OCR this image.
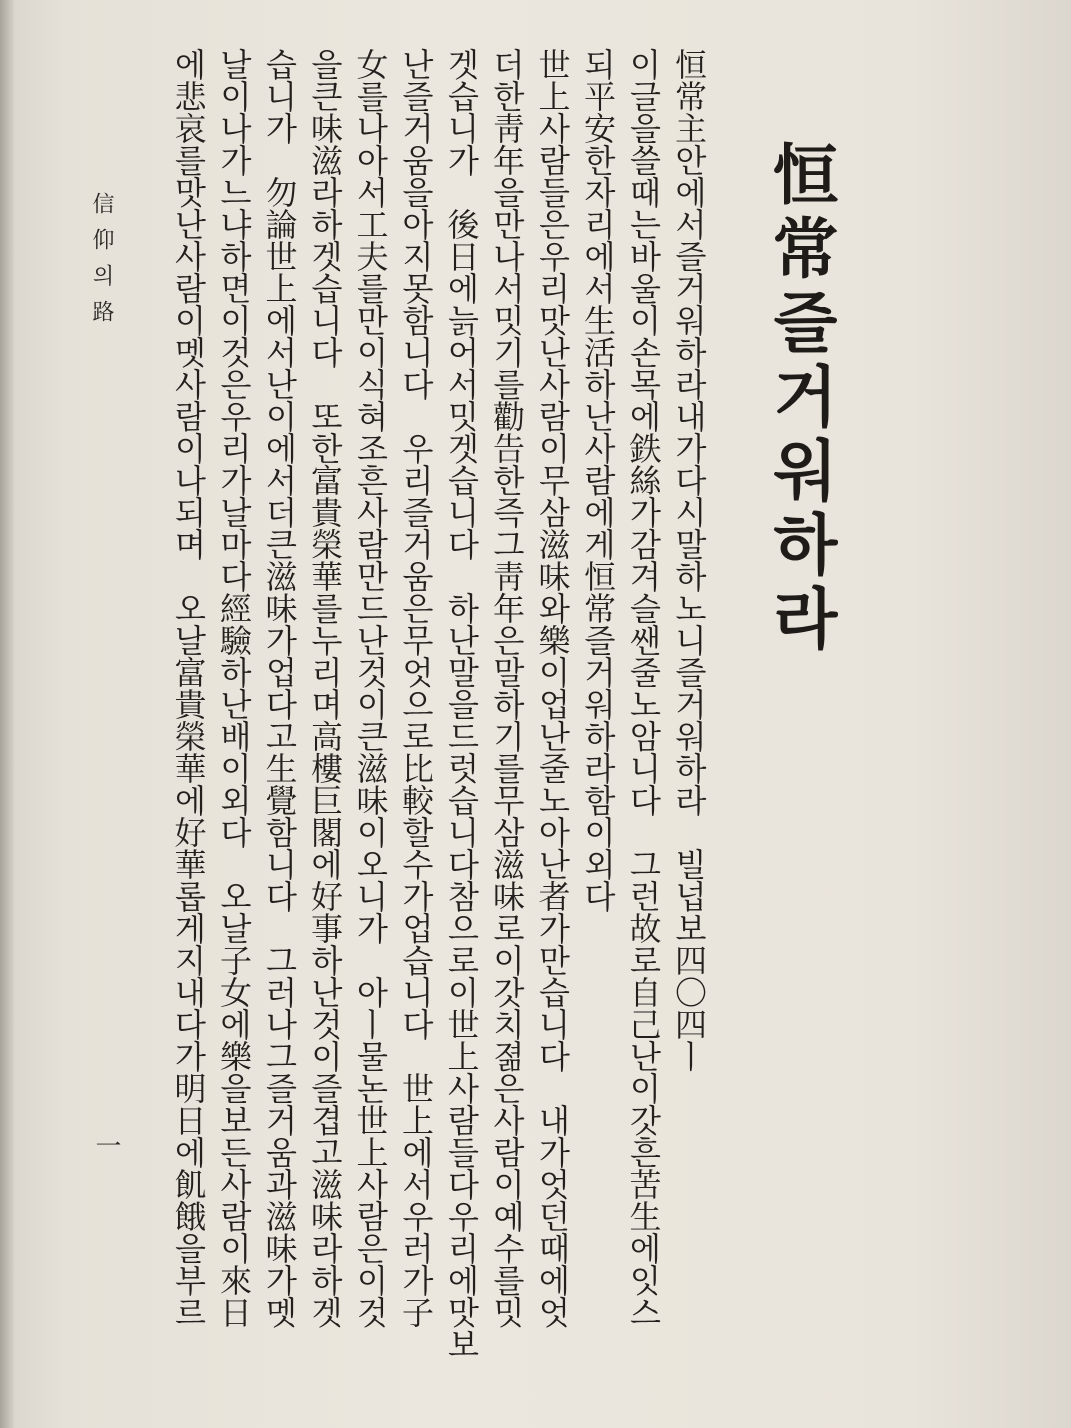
恒常즐거워하라
恒常主안에서즐거워하라내가다시말하노니즐거워하라　빌넙보四〇四ㅣ
이글을쓸때는바울이손목에鉄絲가감겨슬쌘줄노암니다　그런故로自己난이갓흔苦生에잇스
되平安한자리에서生活하난사람에게恒常즐거워하라함이외다
世上사람들은우리맛난사람이무삼滋味와樂이업난줄노아난者가만습니다　내가엇던때에엇
더한靑年을만나서밋기를勸告한즉그靑年은말하기를무삼滋味로이갓치졂은사람이예수를밋
겟습니가　後日에늙어서밋겟습니다　하난말을드럿습니다참으로이世上사람들다우리에맛보
난즐거움을아지못함니다　우리즐거움은무엇으로比較할수가업습니다　世上에서우러가子
女를나아서工夫를만이식혀조흔사람만드난것이큰滋味이오니가　아ㅣ물논世上사람은이것
을큰味滋라하겟습니다　또한富貴榮華를누리며高樓巨閣에好事하난것이즐겹고滋味라하겟
습니가　勿論世上에서난이에서더큰滋味가업다고生覺함니다　그러나그즐거움과滋味가멧
날이나가느냐하면이것은우리가날마다經驗하난배이외다　오날子女에樂을보든사람이來日
에悲哀를맛난사람이멧사람이나되며　오날富貴榮華에好華롭게지내다가明日에飢餓을부르
信仰의路
一
